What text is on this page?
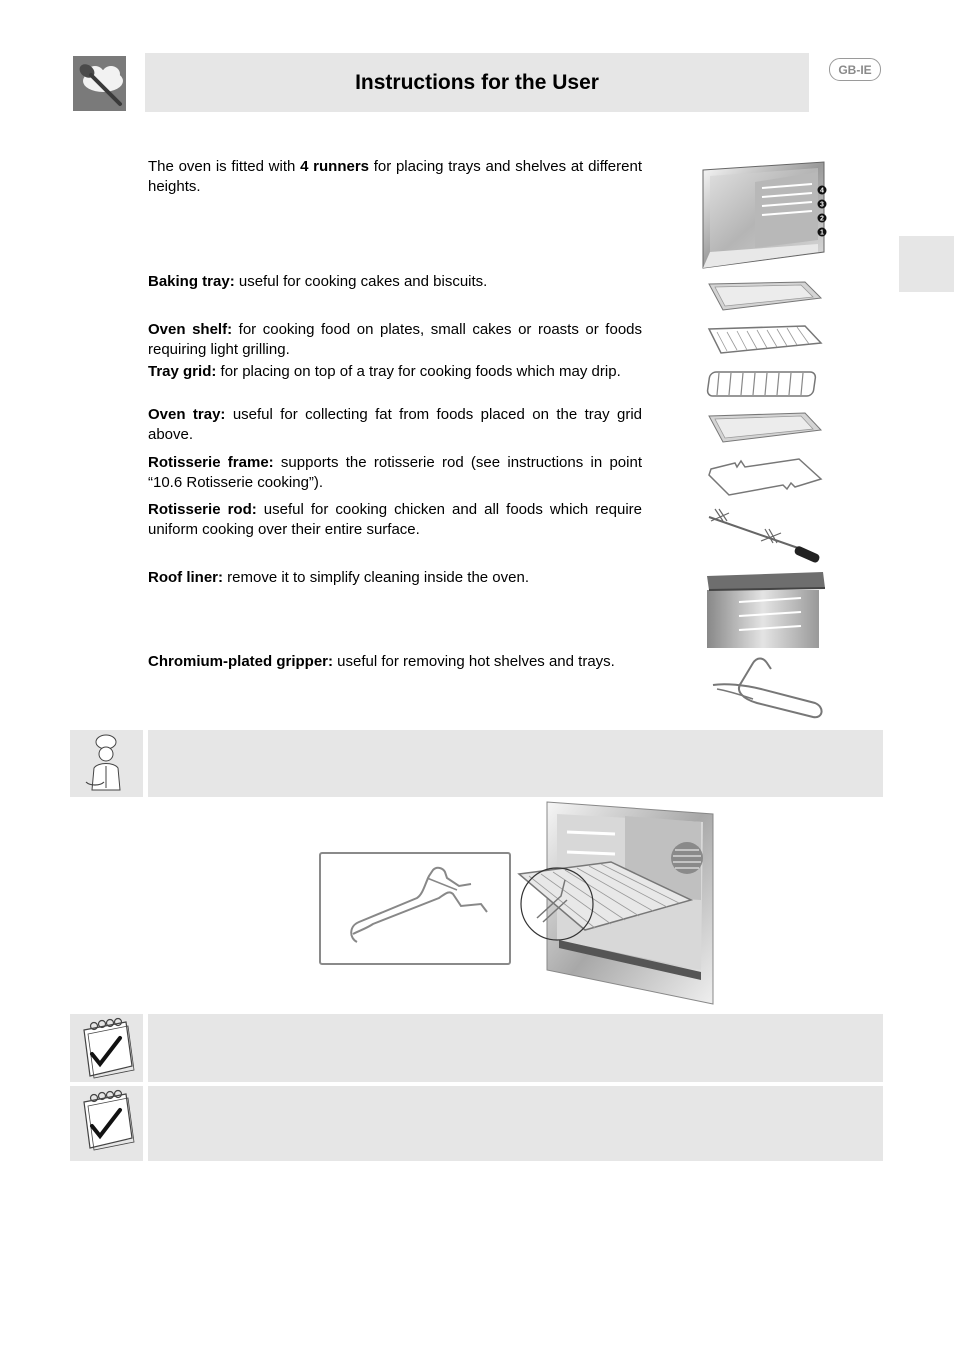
Instructions for the User
GB-IE
The oven is fitted with 4 runners for placing trays and shelves at different heights.
Baking tray: useful for cooking cakes and biscuits.
Oven shelf: for cooking food on plates, small cakes or roasts or foods requiring light grilling.
Tray grid: for placing on top of a tray for cooking foods which may drip.
Oven tray: useful for collecting fat from foods placed on the tray grid above.
Rotisserie frame: supports the rotisserie rod (see instructions in point “10.6 Rotisserie cooking”).
Rotisserie rod: useful for cooking chicken and all foods which require uniform cooking over their entire surface.
Roof liner: remove it to simplify cleaning inside the oven.
Chromium-plated gripper: useful for removing hot shelves and trays.
4
3
2
1
